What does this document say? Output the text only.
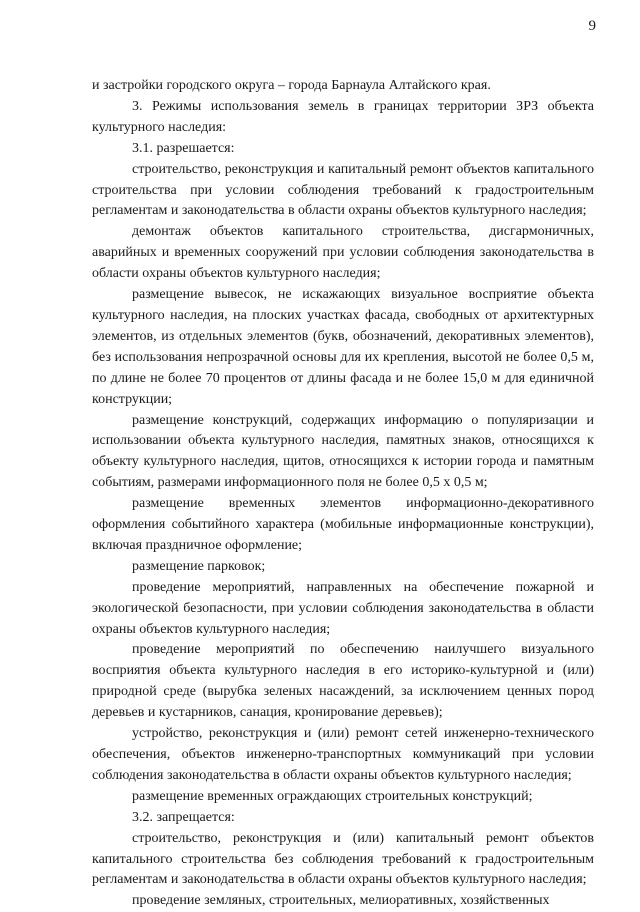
9

и застройки городского округа – города Барнаула Алтайского края.

3. Режимы использования земель в границах территории ЗРЗ объекта культурного наследия:

3.1. разрешается:

строительство, реконструкция и капитальный ремонт объектов капитального строительства при условии соблюдения требований к градостроительным регламентам и законодательства в области охраны объектов культурного наследия;

демонтаж объектов капитального строительства, дисгармоничных, аварийных и временных сооружений при условии соблюдения законодательства в области охраны объектов культурного наследия;

размещение вывесок, не искажающих визуальное восприятие объекта культурного наследия, на плоских участках фасада, свободных от архитектурных элементов, из отдельных элементов (букв, обозначений, декоративных элементов), без использования непрозрачной основы для их крепления, высотой не более 0,5 м, по длине не более 70 процентов от длины фасада и не более 15,0 м для единичной конструкции;

размещение конструкций, содержащих информацию о популяризации и использовании объекта культурного наследия, памятных знаков, относящихся к объекту культурного наследия, щитов, относящихся к истории города и памятным событиям, размерами информационного поля не более 0,5 х 0,5 м;

размещение временных элементов информационно-декоративного оформления событийного характера (мобильные информационные конструкции), включая праздничное оформление;

размещение парковок;

проведение мероприятий, направленных на обеспечение пожарной и экологической безопасности, при условии соблюдения законодательства в области охраны объектов культурного наследия;

проведение мероприятий по обеспечению наилучшего визуального восприятия объекта культурного наследия в его историко-культурной и (или) природной среде (вырубка зеленых насаждений, за исключением ценных пород деревьев и кустарников, санация, кронирование деревьев);

устройство, реконструкция и (или) ремонт сетей инженерно-технического обеспечения, объектов инженерно-транспортных коммуникаций при условии соблюдения законодательства в области охраны объектов культурного наследия;

размещение временных ограждающих строительных конструкций;

3.2. запрещается:

строительство, реконструкция и (или) капитальный ремонт объектов капитального строительства без соблюдения требований к градостроительным регламентам и законодательства в области охраны объектов культурного наследия;

проведение земляных, строительных, мелиоративных, хозяйственных
